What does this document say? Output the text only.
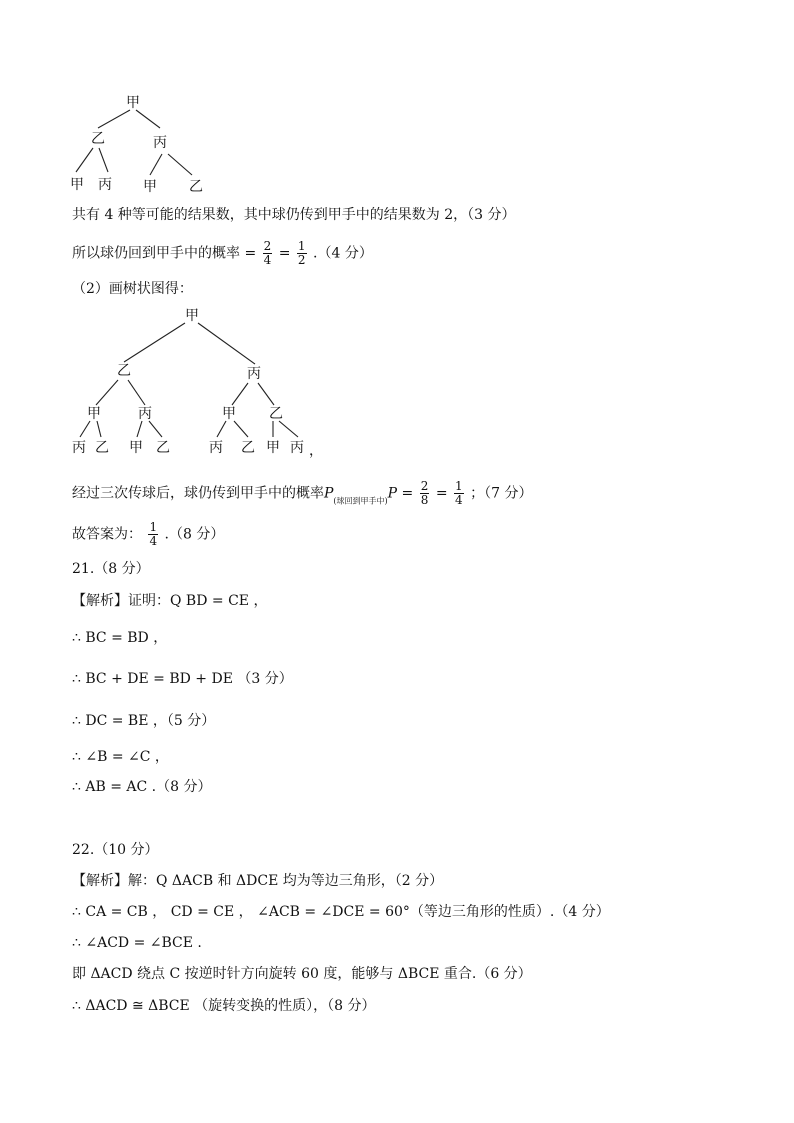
甲
乙	丙
甲 丙 甲 乙
共有 4 种等可能的结果数，其中球仍传到甲手中的结果数为 2，（3 分）
所以球仍回到甲手中的概率 = $\frac{2}{4} = \frac{1}{2} .(4$ 分）
（2）画树状图得：
甲
乙	丙
甲	丙	甲 乙
丙 乙 甲 乙	丙 乙 甲 丙 ，
经过三次传球后，球仍传到甲手中的概率$P_{(球回到甲手中)}P = \frac{2}{8} = \frac{1}{4}$ ；（7 分）
故答案为： $\frac{1}{4} .(8$ 分）
21.（8 分）
【解析】证明：Q BD = CE ，
∴ BC = BD ，
∴ BC + DE = BD + DE （3 分）
∴ DC = BE ，（5 分）
∴ ∠B = ∠C ，
∴ AB = AC .（8 分）
22.（10 分）
【解析】解：Q ΔACB 和 ΔDCE 均为等边三角形，（2 分）
∴ CA = CB ， CD = CE ， ∠ACB = ∠DCE = 60°（等边三角形的性质）.（4 分）
∴ ∠ACD = ∠BCE .
即 ΔACD 绕点 C 按逆时针方向旋转 60 度，能够与 ΔBCE 重合.（6 分）
∴ ΔACD ≅ ΔBCE （旋转变换的性质），（8 分）
